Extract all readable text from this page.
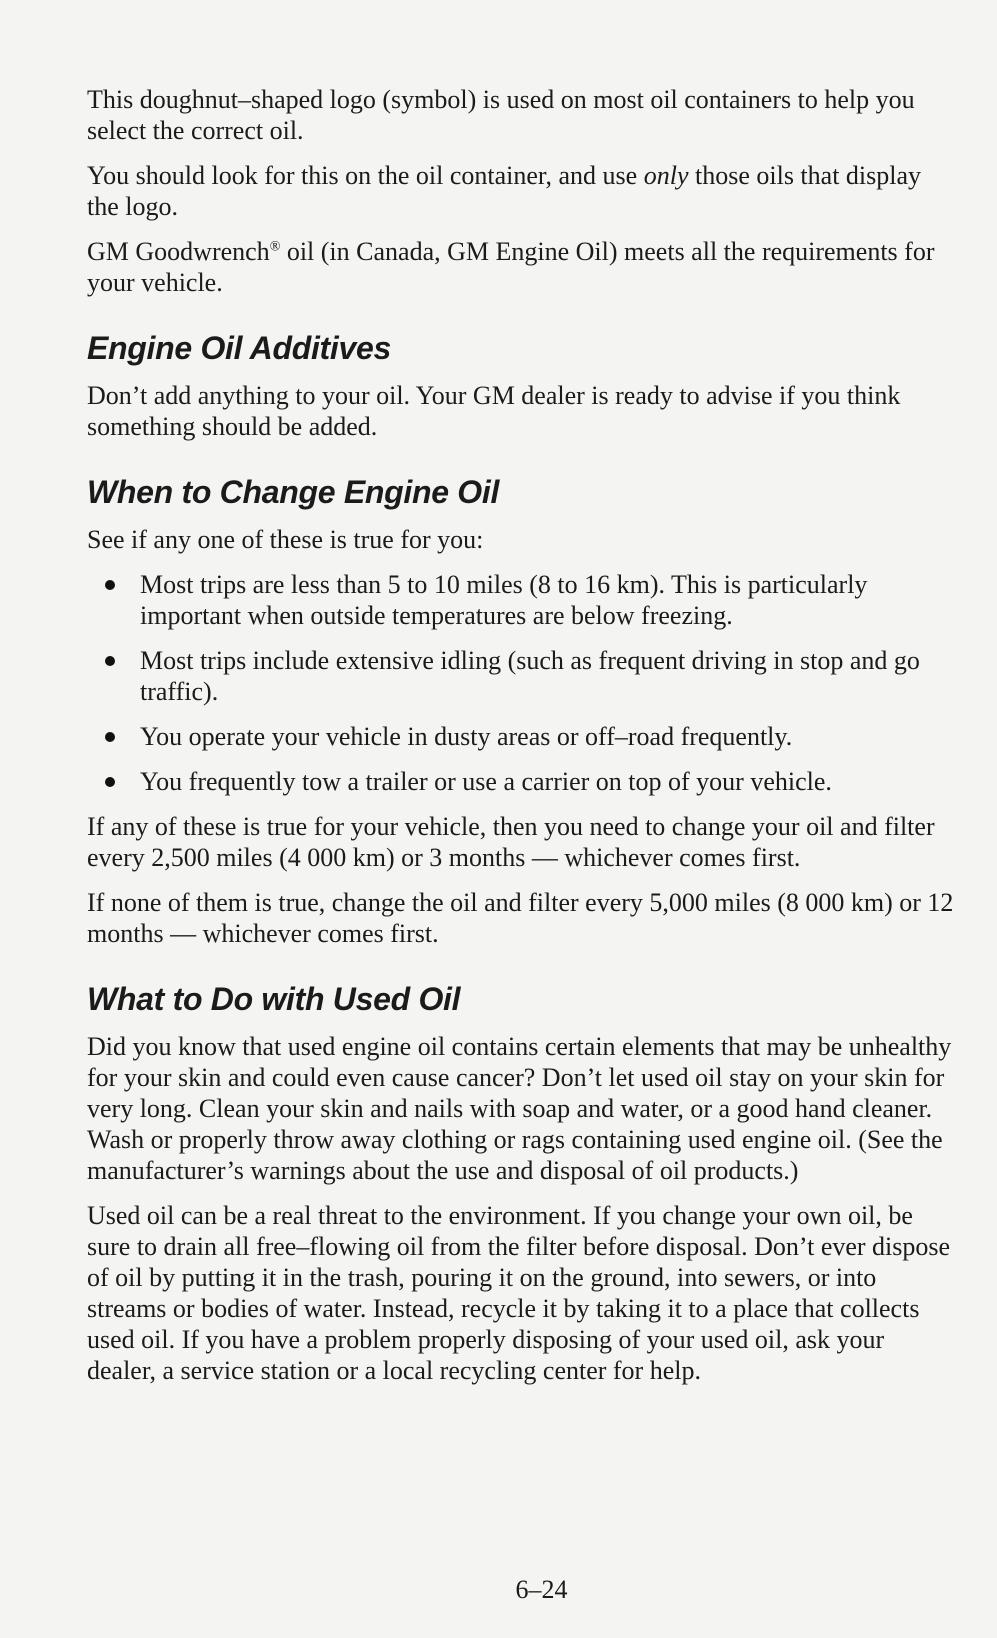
This doughnut–shaped logo (symbol) is used on most oil containers to help you select the correct oil.

You should look for this on the oil container, and use only those oils that display the logo.

GM Goodwrench® oil (in Canada, GM Engine Oil) meets all the requirements for your vehicle.

Engine Oil Additives

Don’t add anything to your oil. Your GM dealer is ready to advise if you think something should be added.

When to Change Engine Oil

See if any one of these is true for you:

Most trips are less than 5 to 10 miles (8 to 16 km). This is particularly important when outside temperatures are below freezing.
Most trips include extensive idling (such as frequent driving in stop and go traffic).
You operate your vehicle in dusty areas or off–road frequently.
You frequently tow a trailer or use a carrier on top of your vehicle.

If any of these is true for your vehicle, then you need to change your oil and filter every 2,500 miles (4 000 km) or 3 months — whichever comes first.

If none of them is true, change the oil and filter every 5,000 miles (8 000 km) or 12 months — whichever comes first.

What to Do with Used Oil

Did you know that used engine oil contains certain elements that may be unhealthy for your skin and could even cause cancer? Don’t let used oil stay on your skin for very long. Clean your skin and nails with soap and water, or a good hand cleaner. Wash or properly throw away clothing or rags containing used engine oil. (See the manufacturer’s warnings about the use and disposal of oil products.)

Used oil can be a real threat to the environment. If you change your own oil, be sure to drain all free–flowing oil from the filter before disposal. Don’t ever dispose of oil by putting it in the trash, pouring it on the ground, into sewers, or into streams or bodies of water. Instead, recycle it by taking it to a place that collects used oil. If you have a problem properly disposing of your used oil, ask your dealer, a service station or a local recycling center for help.

6–24
